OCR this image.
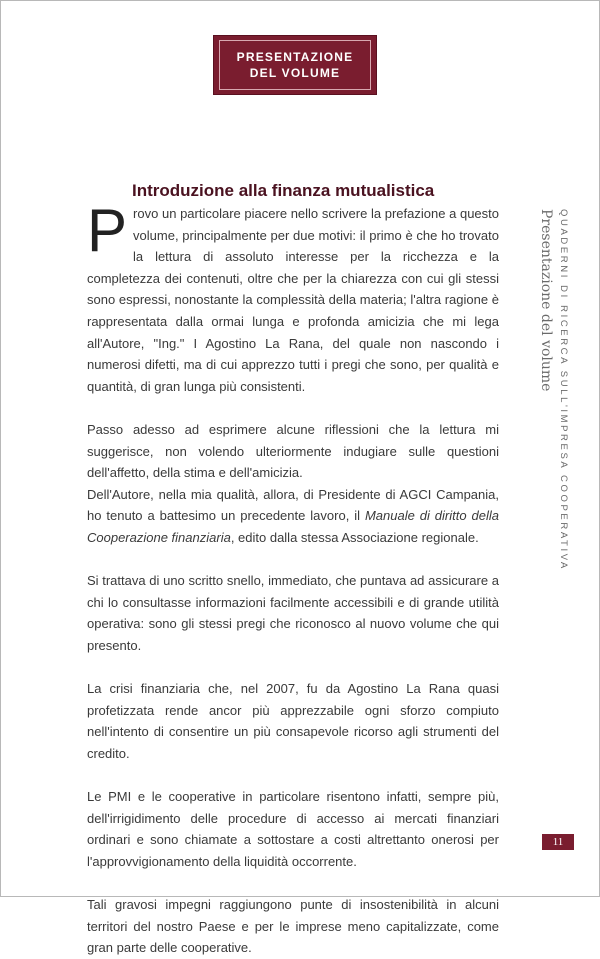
PRESENTAZIONE
DEL VOLUME
Introduzione alla finanza mutualistica

Provo un particolare piacere nello scrivere la prefazione a questo volume, principalmente per due motivi: il primo è che ho trovato la lettura di assoluto interesse per la ricchezza e la completezza dei contenuti, oltre che per la chiarezza con cui gli stessi sono espressi, nonostante la complessità della materia; l'altra ragione è rappresentata dalla ormai lunga e profonda amicizia che mi lega all'Autore, "Ing." I Agostino La Rana, del quale non nascondo i numerosi difetti, ma di cui apprezzo tutti i pregi che sono, per qualità e quantità, di gran lunga più consistenti.

Passo adesso ad esprimere alcune riflessioni che la lettura mi suggerisce, non volendo ulteriormente indugiare sulle questioni dell'affetto, della stima e dell'amicizia.

Dell'Autore, nella mia qualità, allora, di Presidente di AGCI Campania, ho tenuto a battesimo un precedente lavoro, il Manuale di diritto della Cooperazione finanziaria, edito dalla stessa Associazione regionale.

Si trattava di uno scritto snello, immediato, che puntava ad assicurare a chi lo consultasse informazioni facilmente accessibili e di grande utilità operativa: sono gli stessi pregi che riconosco al nuovo volume che qui presento.

La crisi finanziaria che, nel 2007, fu da Agostino La Rana quasi profetizzata rende ancor più apprezzabile ogni sforzo compiuto nell'intento di consentire un più consapevole ricorso agli strumenti del credito.

Le PMI e le cooperative in particolare risentono infatti, sempre più, dell'irrigidimento delle procedure di accesso ai mercati finanziari ordinari e sono chiamate a sottostare a costi altrettanto onerosi per l'approvvigionamento della liquidità occorrente.

Tali gravosi impegni raggiungono punte di insostenibilità in alcuni territori del nostro Paese e per le imprese meno capitalizzate, come gran parte delle cooperative.

Presentazione del volume QUADERNI DI RICERCA SULL'IMPRESA COOPERATIVA
11
